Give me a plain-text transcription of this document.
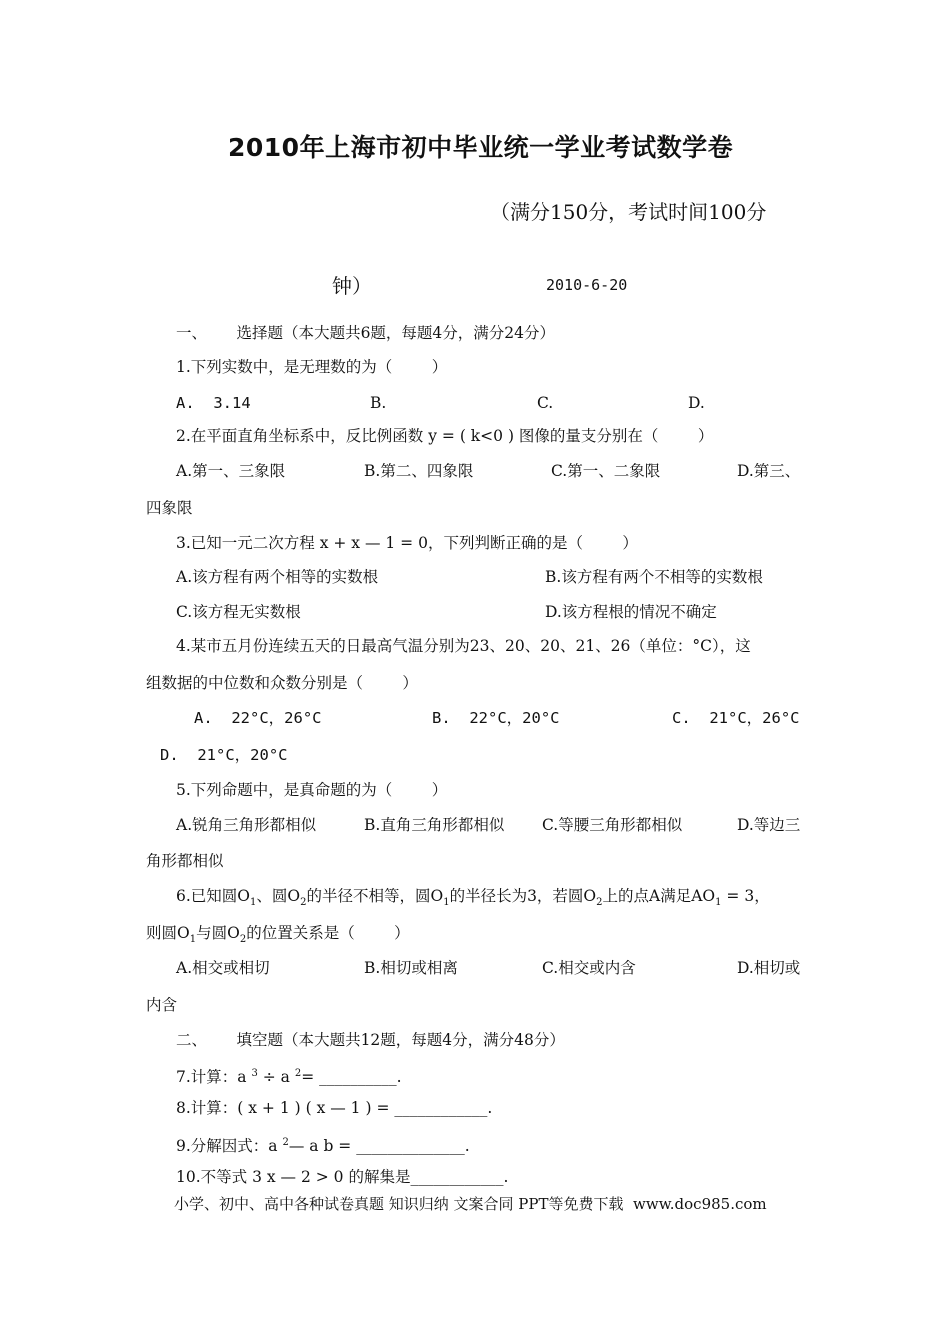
2010年上海市初中毕业统一学业考试数学卷
（满分150分，考试时间100分
钟）	2010-6-20
一、      选择题（本大题共6题，每题4分，满分24分）
1.下列实数中，是无理数的为（        ）
A.  3.14	B.	C.	D.
2.在平面直角坐标系中，反比例函数 y = ( k<0 ) 图像的量支分别在（        ）
A.第一、三象限	B.第二、四象限	C.第一、二象限	D.第三、
四象限
3.已知一元二次方程 x + x — 1 = 0，下列判断正确的是（        ）
A.该方程有两个相等的实数根	B.该方程有两个不相等的实数根
C.该方程无实数根	D.该方程根的情况不确定
4.某市五月份连续五天的日最高气温分别为23、20、20、21、26（单位：°C），这
组数据的中位数和众数分别是（        ）
A.  22°C，26°C	B.  22°C，20°C	C.  21°C，26°C
D.  21°C，20°C
5.下列命题中，是真命题的为（        ）
A.锐角三角形都相似	B.直角三角形都相似 C.等腰三角形都相似	D.等边三
角形都相似
6.已知圆$O_1$、圆$O_2$的半径不相等，圆$O_1$的半径长为3，若圆$O_2$上的点A满足$AO_1 = 3$，
则圆$O_1$与圆$O_2$的位置关系是（        ）
A.相交或相切	B.相切或相离	C.相交或内含	D.相切或
内含
二、      填空题（本大题共12题，每题4分，满分48分）
7.计算：a $^3$ ÷ a $^2$= __________.
8.计算：( x + 1 ) ( x — 1 ) = ____________.
9.分解因式：a $^2$— a b = ______________.
10.不等式 3 x — 2 > 0 的解集是____________.
小学、初中、高中各种试卷真题 知识归纳 文案合同 PPT等免费下载  www.doc985.com
